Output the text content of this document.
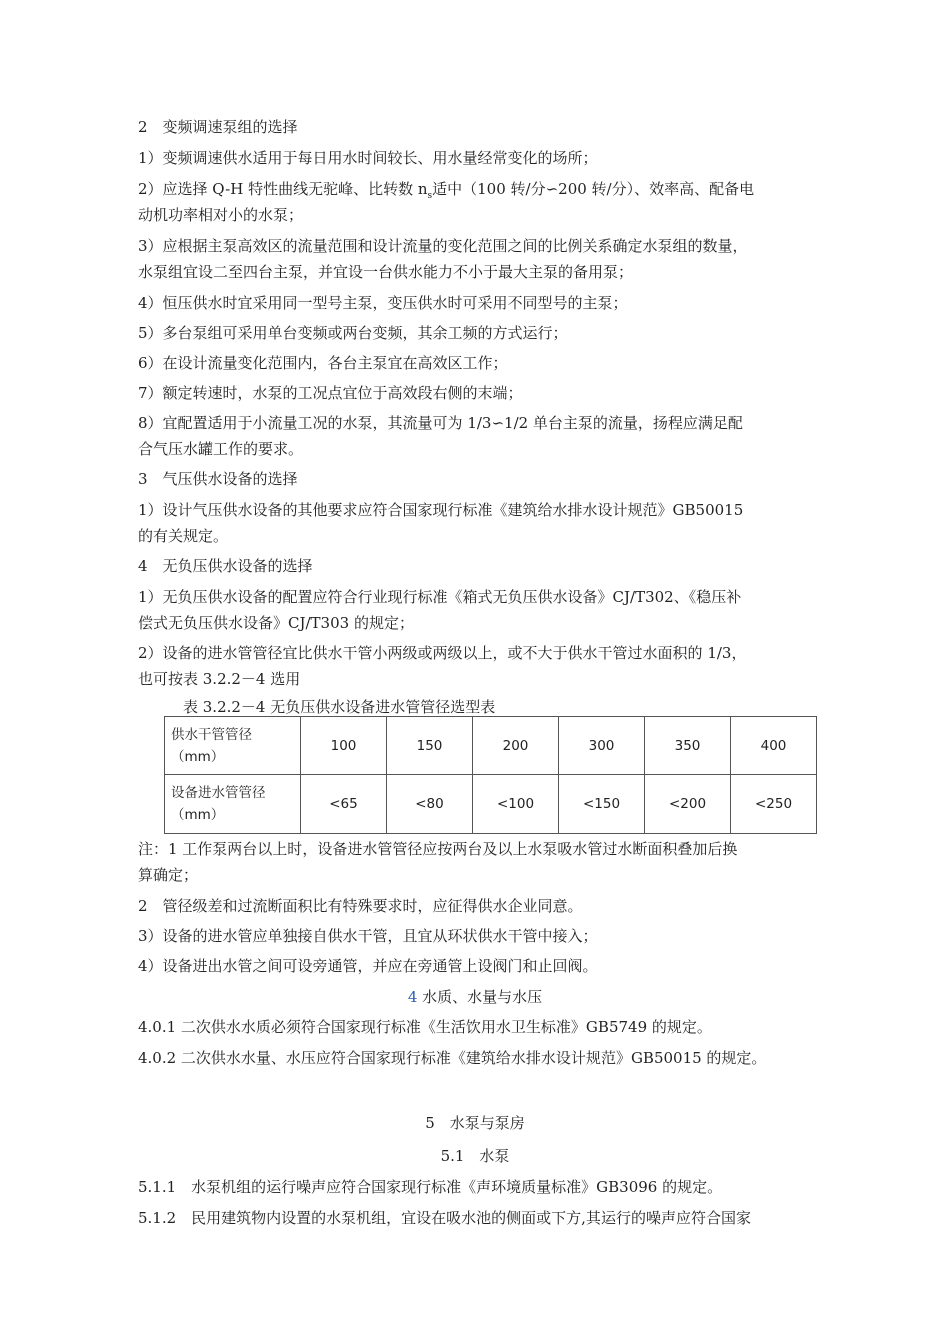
2　变频调速泵组的选择
1）变频调速供水适用于每日用水时间较长、用水量经常变化的场所；
2）应选择 Q-H 特性曲线无驼峰、比转数 $n_s$适中（100 转/分∽200 转/分）、效率高、配备电
动机功率相对小的水泵；
3）应根据主泵高效区的流量范围和设计流量的变化范围之间的比例关系确定水泵组的数量，
水泵组宜设二至四台主泵，并宜设一台供水能力不小于最大主泵的备用泵；
4）恒压供水时宜采用同一型号主泵，变压供水时可采用不同型号的主泵；
5）多台泵组可采用单台变频或两台变频，其余工频的方式运行；
6）在设计流量变化范围内，各台主泵宜在高效区工作；
7）额定转速时，水泵的工况点宜位于高效段右侧的末端；
8）宜配置适用于小流量工况的水泵，其流量可为 1/3∽1/2 单台主泵的流量，扬程应满足配
合气压水罐工作的要求。
3　气压供水设备的选择
1）设计气压供水设备的其他要求应符合国家现行标准《建筑给水排水设计规范》GB50015
的有关规定。
4　无负压供水设备的选择
1）无负压供水设备的配置应符合行业现行标准《箱式无负压供水设备》CJ/T302、《稳压补
偿式无负压供水设备》CJ/T303 的规定；
2）设备的进水管管径宜比供水干管小两级或两级以上，或不大于供水干管过水面积的 1/3，
也可按表 3.2.2－4 选用
表 3.2.2－4 无负压供水设备进水管管径选型表
供水干管管径
（mm）	100	150	200	300	350	400
设备进水管管径
（mm）	<65	<80	<100	<150	<200	<250
注：1 工作泵两台以上时，设备进水管管径应按两台及以上水泵吸水管过水断面积叠加后换
算确定；
2　管径级差和过流断面积比有特殊要求时，应征得供水企业同意。
3）设备的进水管应单独接自供水干管，且宜从环状供水干管中接入；
4）设备进出水管之间可设旁通管，并应在旁通管上设阀门和止回阀。
4 水质、水量与水压
4.0.1 二次供水水质必须符合国家现行标准《生活饮用水卫生标准》GB5749 的规定。
4.0.2 二次供水水量、水压应符合国家现行标准《建筑给水排水设计规范》GB50015 的规定。
5　水泵与泵房
5.1　水泵
5.1.1　水泵机组的运行噪声应符合国家现行标准《声环境质量标准》GB3096 的规定。
5.1.2　民用建筑物内设置的水泵机组，宜设在吸水池的侧面或下方,其运行的噪声应符合国家
